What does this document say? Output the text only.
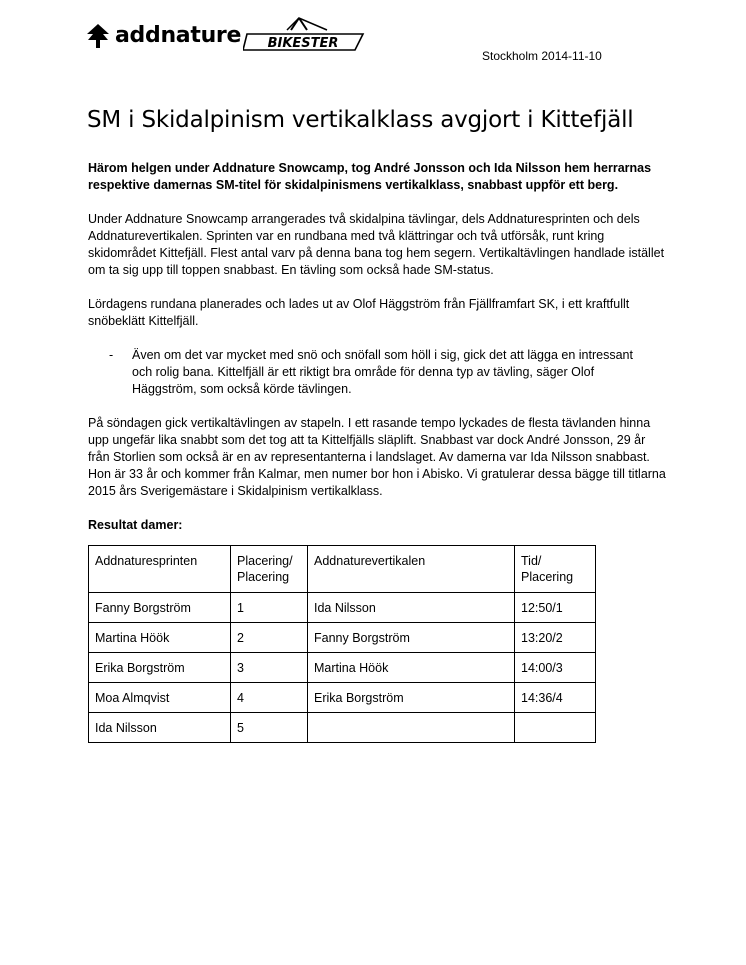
addnature BIKESTER
Stockholm 2014-11-10
SM i Skidalpinism vertikalklass avgjort i Kittefjäll

Härom helgen under Addnature Snowcamp, tog André Jonsson och Ida Nilsson hem herrarnas respektive damernas SM-titel för skidalpinismens vertikalklass, snabbast uppför ett berg.

Under Addnature Snowcamp arrangerades två skidalpina tävlingar, dels Addnaturesprinten och dels Addnaturevertikalen. Sprinten var en rundbana med två klättringar och två utförsåk, runt kring skidområdet Kittefjäll. Flest antal varv på denna bana tog hem segern. Vertikaltävlingen handlade istället om ta sig upp till toppen snabbast. En tävling som också hade SM-status.

Lördagens rundana planerades och lades ut av Olof Häggström från Fjällframfart SK, i ett kraftfullt snöbeklätt Kittelfjäll.

- Även om det var mycket med snö och snöfall som höll i sig, gick det att lägga en intressant och rolig bana. Kittelfjäll är ett riktigt bra område för denna typ av tävling, säger Olof Häggström, som också körde tävlingen.

På söndagen gick vertikaltävlingen av stapeln. I ett rasande tempo lyckades de flesta tävlanden hinna upp ungefär lika snabbt som det tog att ta Kittelfjälls släplift. Snabbast var dock André Jonsson, 29 år från Storlien som också är en av representanterna i landslaget. Av damerna var Ida Nilsson snabbast. Hon är 33 år och kommer från Kalmar, men numer bor hon i Abisko. Vi gratulerar dessa bägge till titlarna 2015 års Sverigemästare i Skidalpinism vertikalklass.

Resultat damer:

Addnaturesprinten	Placering/ Placering	Addnaturevertikalen	Tid/ Placering
Fanny Borgström	1	Ida Nilsson	12:50/1
Martina Höök	2	Fanny Borgström	13:20/2
Erika Borgström	3	Martina Höök	14:00/3
Moa Almqvist	4	Erika Borgström	14:36/4
Ida Nilsson	5		
